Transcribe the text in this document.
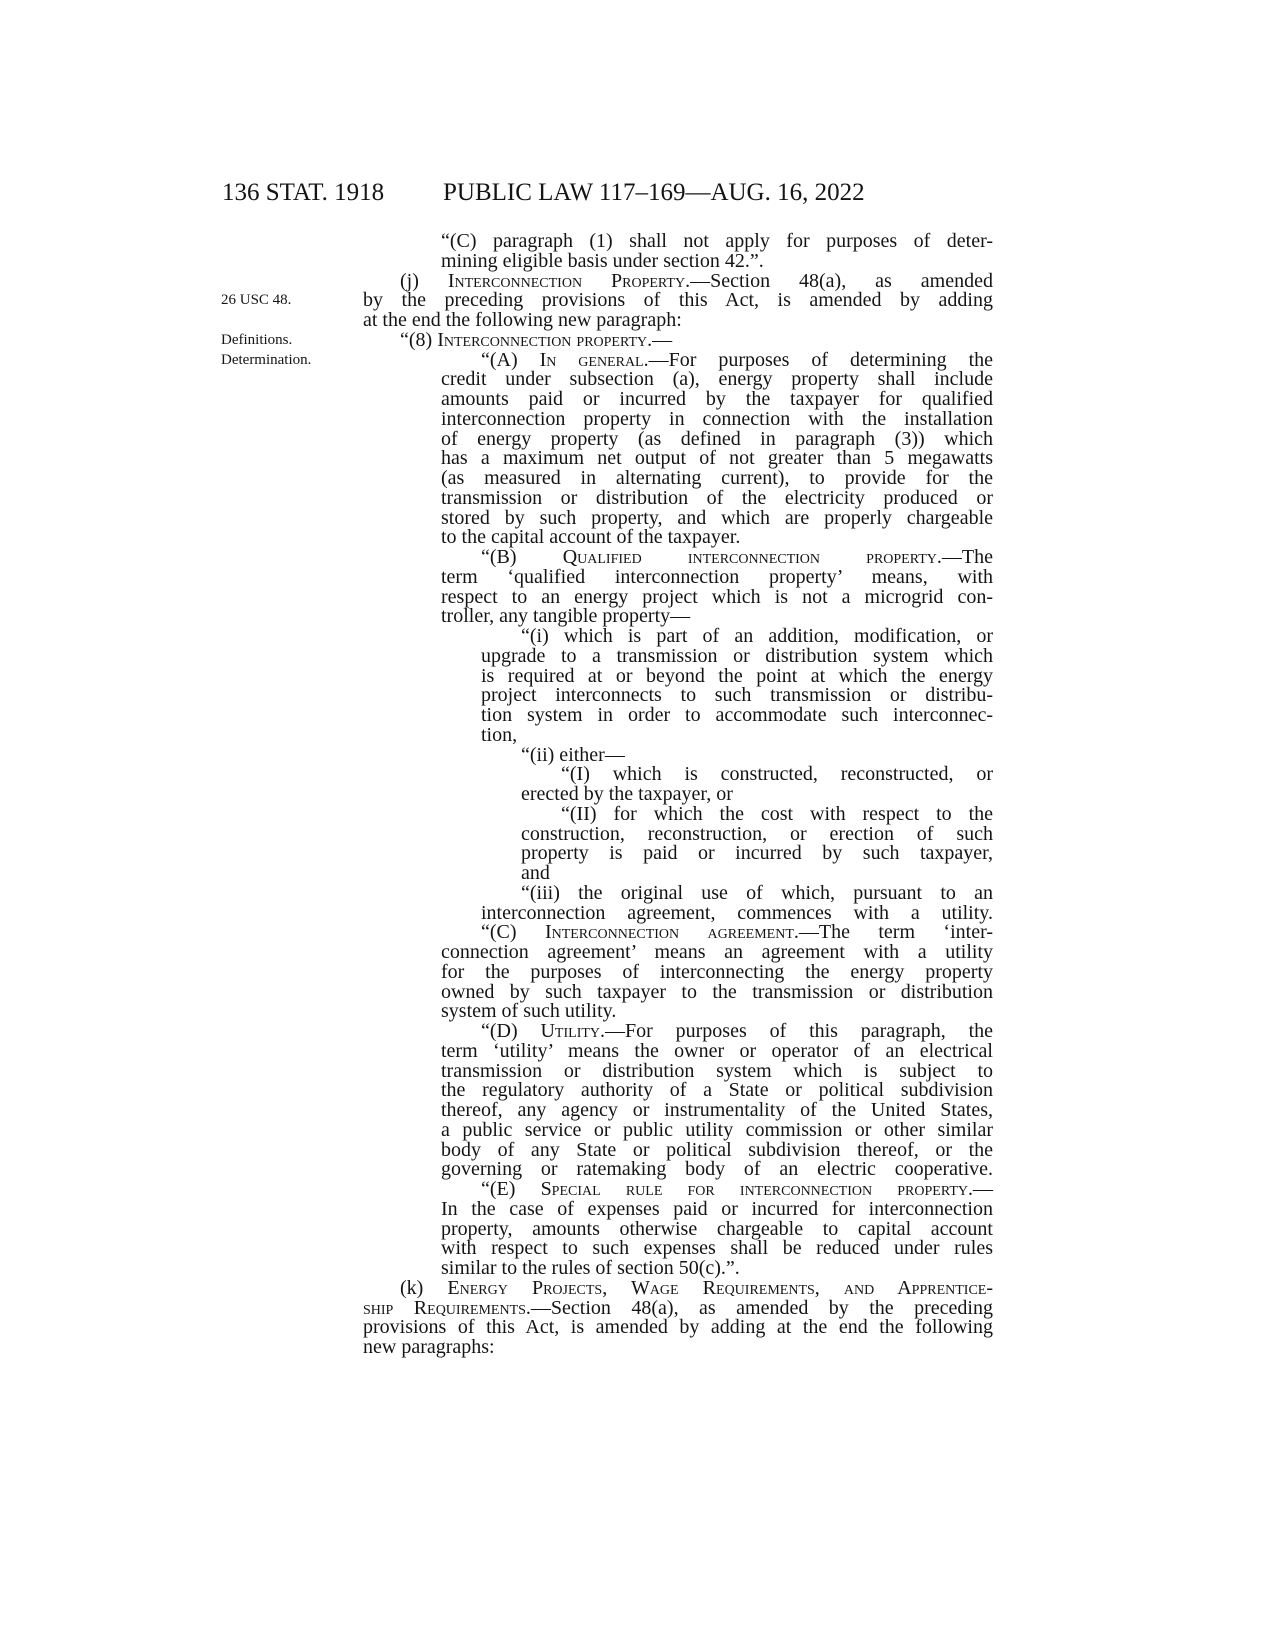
136 STAT. 1918 PUBLIC LAW 117–169—AUG. 16, 2022
26 USC 48.
Definitions.
Determination.
“(C) paragraph (1) shall not apply for purposes of deter-
mining eligible basis under section 42.”.
(j) Interconnection Property.—Section 48(a), as amended
by the preceding provisions of this Act, is amended by adding
at the end the following new paragraph:
“(8) Interconnection property.—
“(A) In general.—For purposes of determining the
credit under subsection (a), energy property shall include
amounts paid or incurred by the taxpayer for qualified
interconnection property in connection with the installation
of energy property (as defined in paragraph (3)) which
has a maximum net output of not greater than 5 megawatts
(as measured in alternating current), to provide for the
transmission or distribution of the electricity produced or
stored by such property, and which are properly chargeable
to the capital account of the taxpayer.
“(B) Qualified interconnection property.—The
term ‘qualified interconnection property’ means, with
respect to an energy project which is not a microgrid con-
troller, any tangible property—
“(i) which is part of an addition, modification, or
upgrade to a transmission or distribution system which
is required at or beyond the point at which the energy
project interconnects to such transmission or distribu-
tion system in order to accommodate such interconnec-
tion,
“(ii) either—
“(I) which is constructed, reconstructed, or
erected by the taxpayer, or
“(II) for which the cost with respect to the
construction, reconstruction, or erection of such
property is paid or incurred by such taxpayer,
and
“(iii) the original use of which, pursuant to an
interconnection agreement, commences with a utility.
“(C) Interconnection agreement.—The term ‘inter-
connection agreement’ means an agreement with a utility
for the purposes of interconnecting the energy property
owned by such taxpayer to the transmission or distribution
system of such utility.
“(D) Utility.—For purposes of this paragraph, the
term ‘utility’ means the owner or operator of an electrical
transmission or distribution system which is subject to
the regulatory authority of a State or political subdivision
thereof, any agency or instrumentality of the United States,
a public service or public utility commission or other similar
body of any State or political subdivision thereof, or the
governing or ratemaking body of an electric cooperative.
“(E) Special rule for interconnection property.—
In the case of expenses paid or incurred for interconnection
property, amounts otherwise chargeable to capital account
with respect to such expenses shall be reduced under rules
similar to the rules of section 50(c).”.
(k) Energy Projects, Wage Requirements, and Apprentice-
ship Requirements.—Section 48(a), as amended by the preceding
provisions of this Act, is amended by adding at the end the following
new paragraphs:
